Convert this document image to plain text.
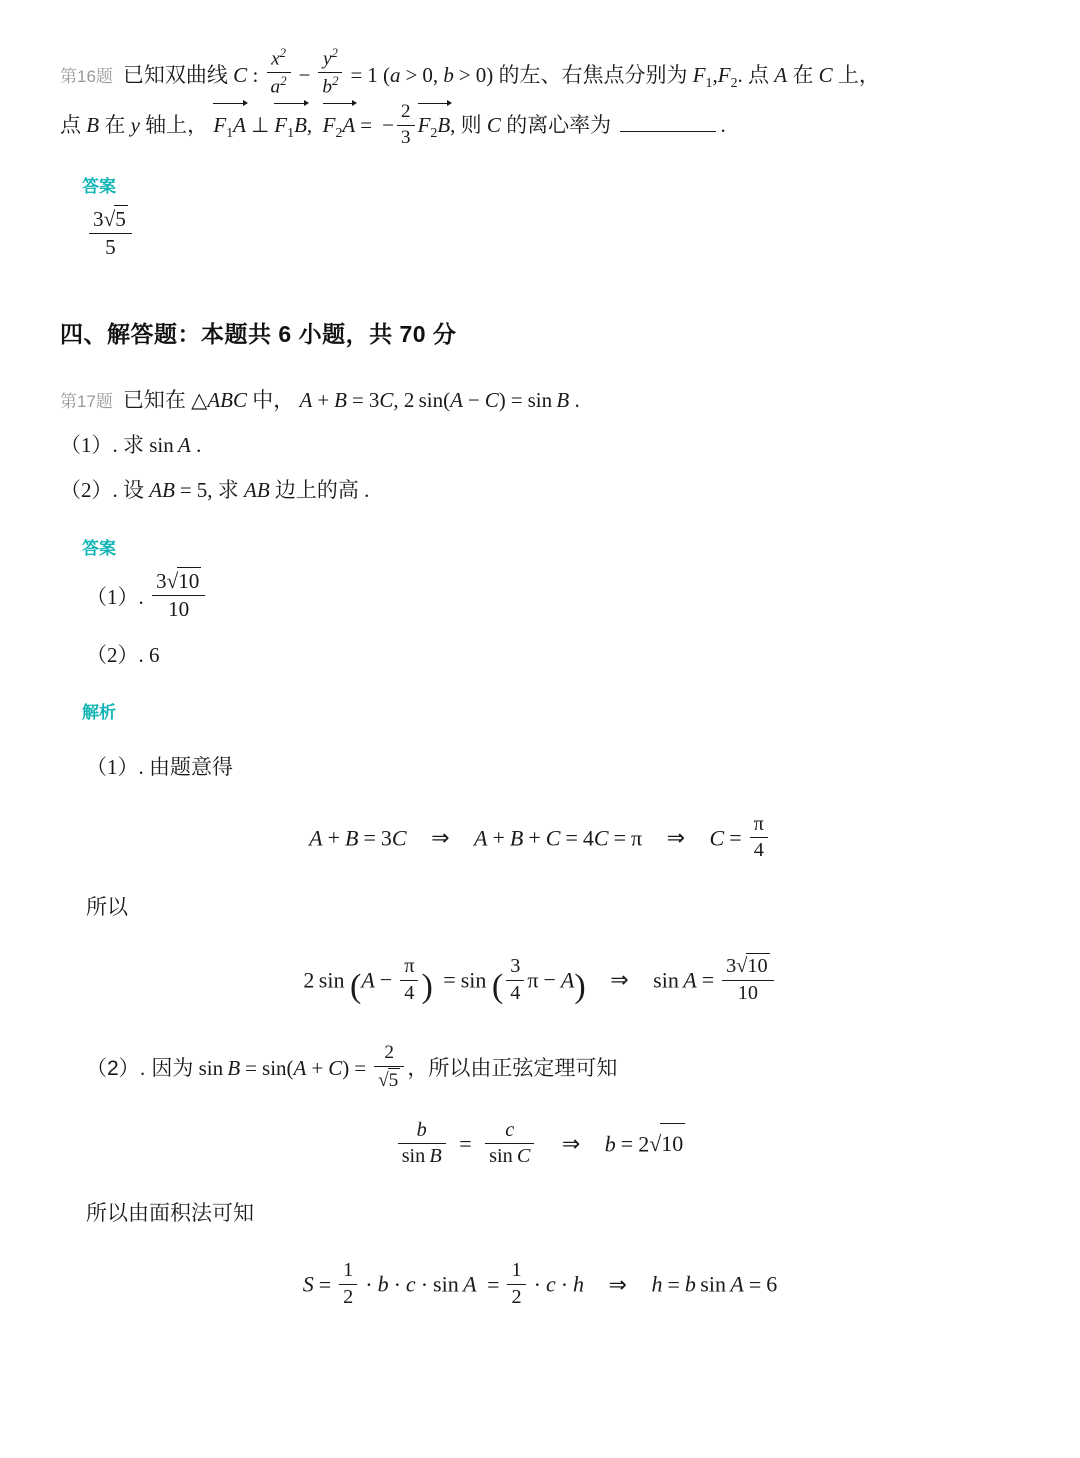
第16题 已知双曲线 C : $\frac{x^2}{a^2} - \frac{y^2}{b^2} = 1$ (a > 0, b > 0) 的左、右焦点分别为 $F_1,F_2$. 点 A 在 C 上，
点 B 在 y 轴上， $F_1A$ ⊥ $F_1B$, $F_2A$ = − $\frac{2}{3} F_2B$, 则 C 的离心率为	.
答案
$\frac{3√5}{5}$
四、解答题：本题共 6 小题，共 70 分
第17题 已知在 △ABC 中， A + B = 3C, 2  sin(A − C) = sin  B .
（1）. 求 sin  A .
（2）. 设 AB = 5, 求 AB 边上的高 .
答案
（1）. $\frac{3√10}{10}$
（2）. 6
解析
（1）. 由题意得
A + B = 3C ⇒ A + B + C = 4C = π ⇒ $C = \frac{\pi}{4}$
所以
2  $\sin (A - \frac{\pi}{4}$ ) = sin ( $\frac{3}{4}$ π − A) ⇒ $\sin A = \frac{3√10}{10}$
（2）. 因为 $\sin B = \sin(A + C) = \frac{2}{√5}$ ，所以由正弦定理可知
$\frac{b}{\text{sin  B}} = \frac{c}{\text{sin  C}}$ ⇒ b = 2√10
所以由面积法可知
$S = \frac{1}{2} \cdot b \cdot c \cdot \sin A = \frac{1}{2} \cdot c \cdot h$ ⇒ h = b  sin  A = 6
